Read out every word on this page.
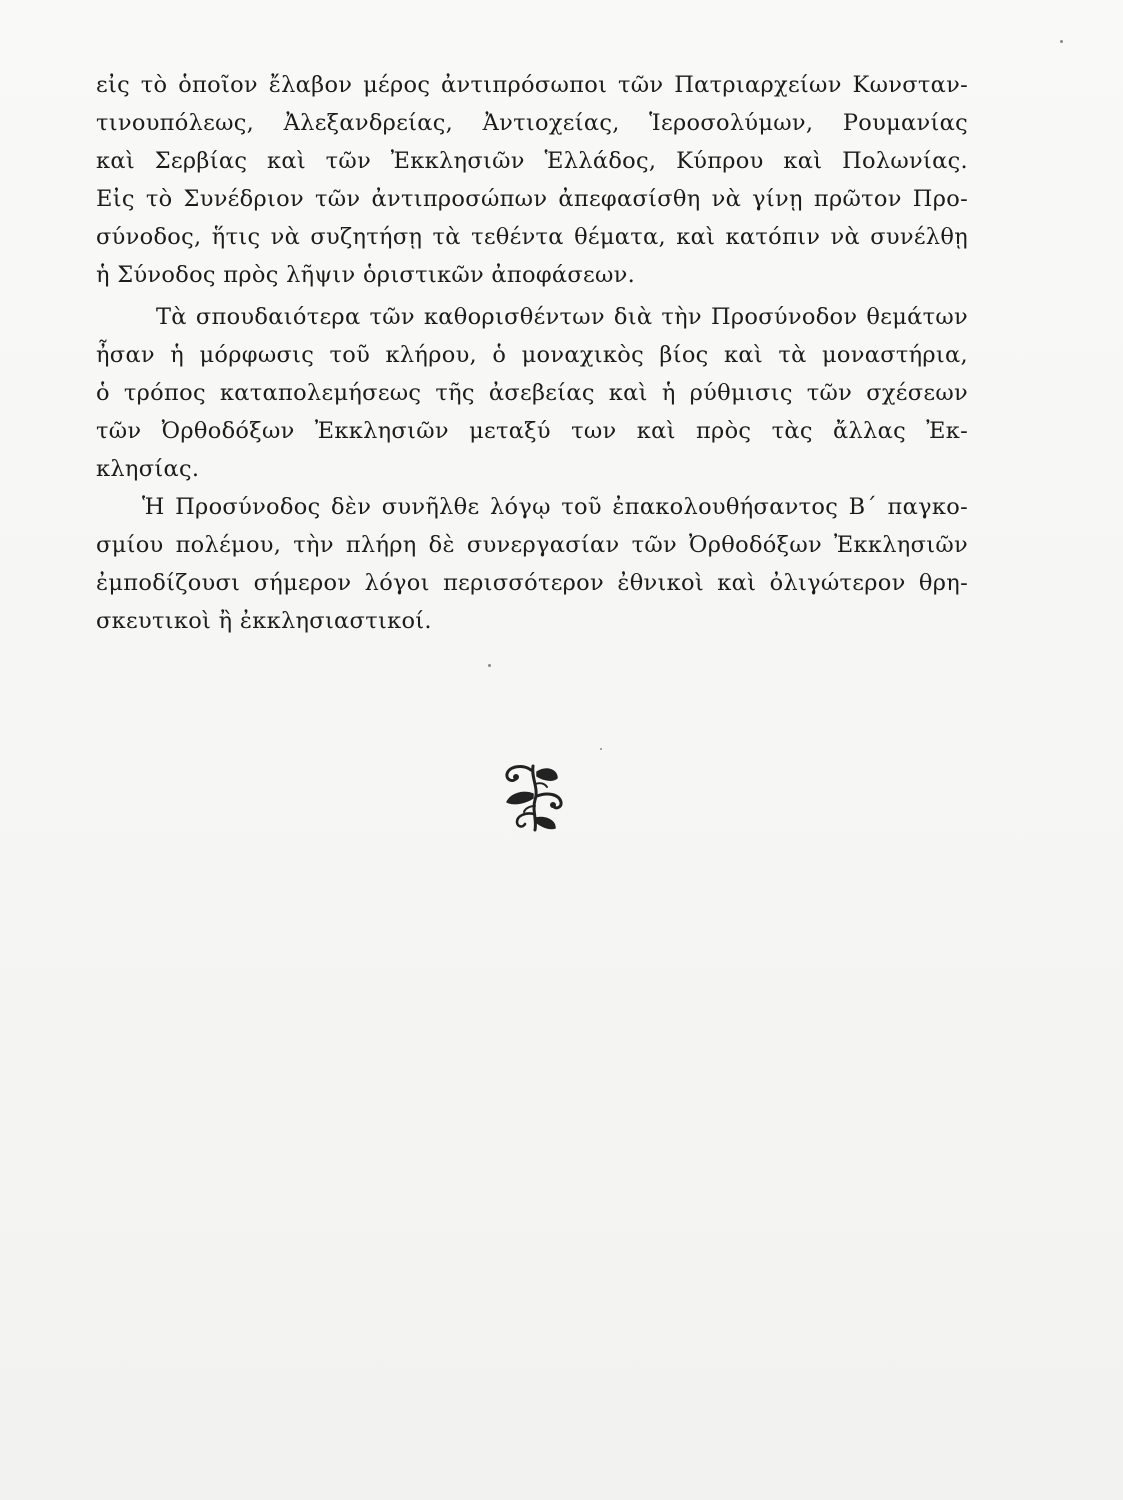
εἰς τὸ ὁποῖον ἔλαβον μέρος ἀντιπρόσωποι τῶν Πατριαρχείων Κωνσταν-
τινουπόλεως, Ἀλεξανδρείας, Ἀντιοχείας, Ἱεροσολύμων, Ρουμανίας
καὶ Σερβίας καὶ τῶν Ἐκκλησιῶν Ἑλλάδος, Κύπρου καὶ Πολωνίας.
Εἰς τὸ Συνέδριον τῶν ἀντιπροσώπων ἀπεφασίσθη νὰ γίνῃ πρῶτον Προ-
σύνοδος, ἥτις νὰ συζητήσῃ τὰ τεθέντα θέματα, καὶ κατόπιν νὰ συνέλθῃ
ἡ Σύνοδος πρὸς λῆψιν ὁριστικῶν ἀποφάσεων.
Τὰ σπουδαιότερα τῶν καθορισθέντων διὰ τὴν Προσύνοδον θεμάτων
ἦσαν ἡ μόρφωσις τοῦ κλήρου, ὁ μοναχικὸς βίος καὶ τὰ μοναστήρια,
ὁ τρόπος καταπολεμήσεως τῆς ἀσεβείας καὶ ἡ ρύθμισις τῶν σχέσεων
τῶν Ὀρθοδόξων Ἐκκλησιῶν μεταξύ των καὶ πρὸς τὰς ἄλλας Ἐκ-
κλησίας.
Ἡ Προσύνοδος δὲν συνῆλθε λόγῳ τοῦ ἐπακολουθήσαντος Β΄ παγκο-
σμίου πολέμου, τὴν πλήρη δὲ συνεργασίαν τῶν Ὀρθοδόξων Ἐκκλησιῶν
ἐμποδίζουσι σήμερον λόγοι περισσότερον ἐθνικοὶ καὶ ὀλιγώτερον θρη-
σκευτικοὶ ἢ ἐκκλησιαστικοί.
